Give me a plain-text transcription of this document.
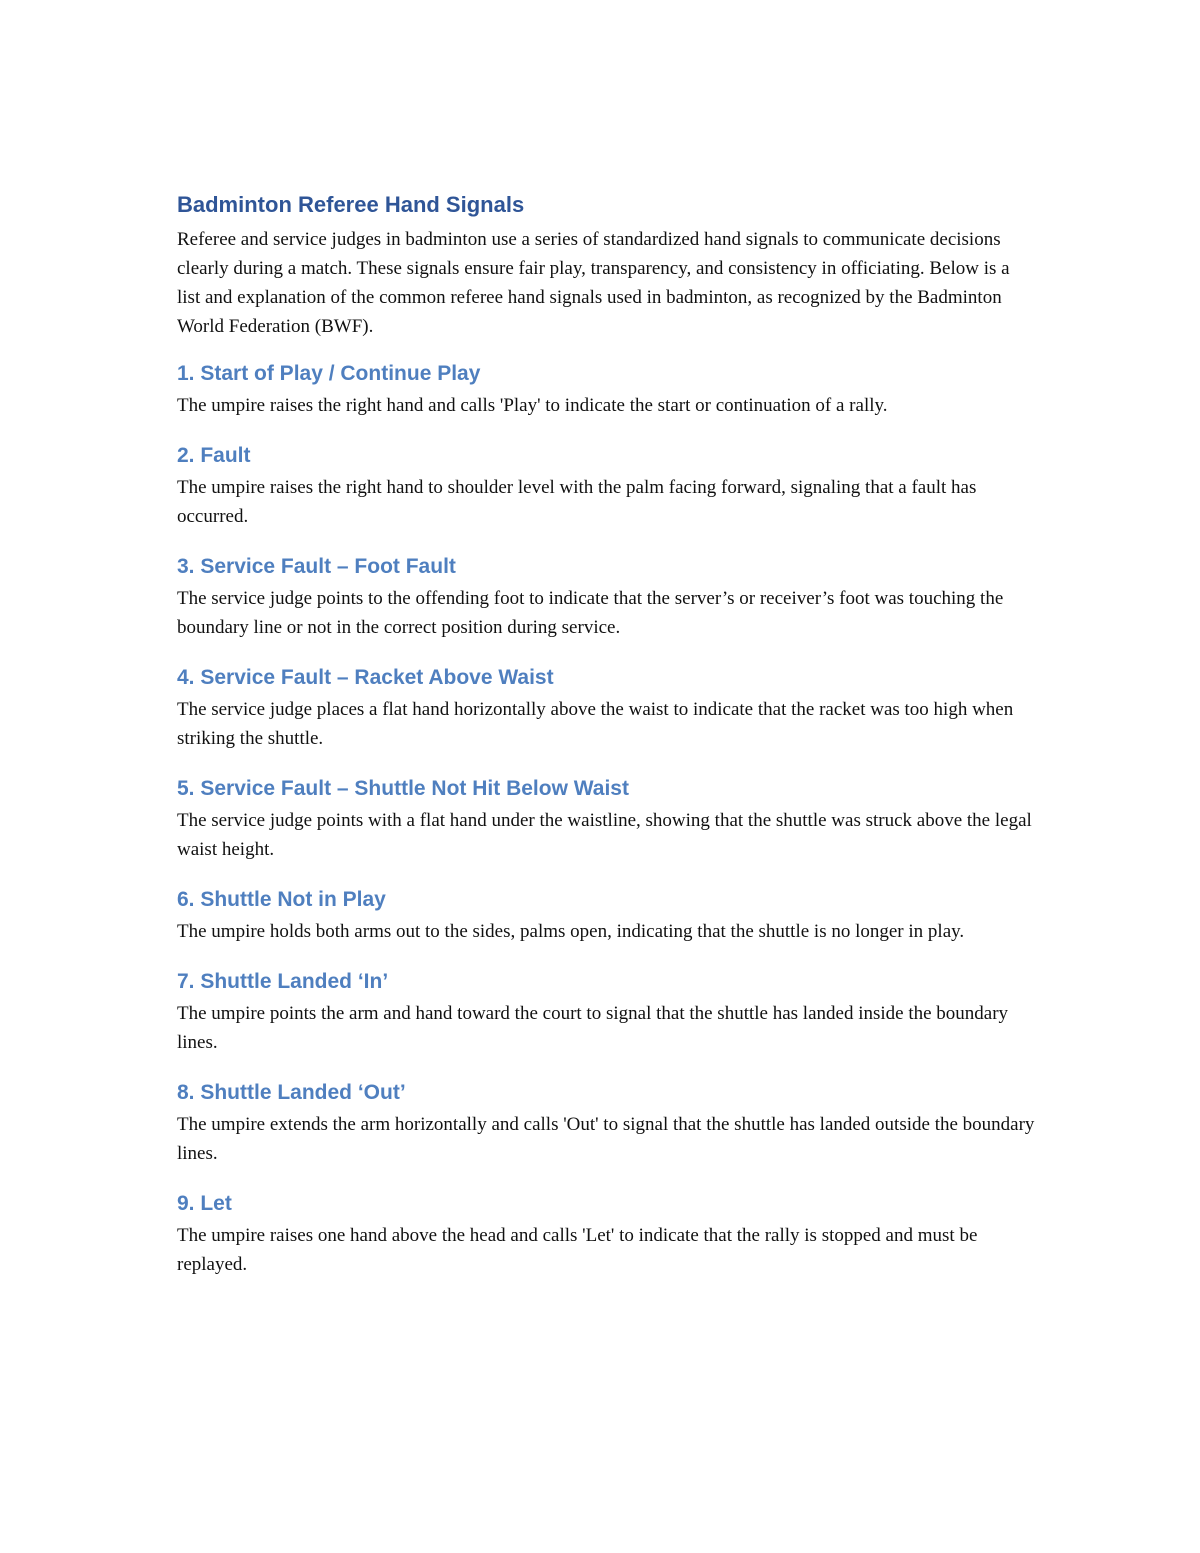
Badminton Referee Hand Signals

Referee and service judges in badminton use a series of standardized hand signals to communicate decisions clearly during a match. These signals ensure fair play, transparency, and consistency in officiating. Below is a list and explanation of the common referee hand signals used in badminton, as recognized by the Badminton World Federation (BWF).

1. Start of Play / Continue Play

The umpire raises the right hand and calls 'Play' to indicate the start or continuation of a rally.

2. Fault

The umpire raises the right hand to shoulder level with the palm facing forward, signaling that a fault has occurred.

3. Service Fault – Foot Fault

The service judge points to the offending foot to indicate that the server’s or receiver’s foot was touching the boundary line or not in the correct position during service.

4. Service Fault – Racket Above Waist

The service judge places a flat hand horizontally above the waist to indicate that the racket was too high when striking the shuttle.

5. Service Fault – Shuttle Not Hit Below Waist

The service judge points with a flat hand under the waistline, showing that the shuttle was struck above the legal waist height.

6. Shuttle Not in Play

The umpire holds both arms out to the sides, palms open, indicating that the shuttle is no longer in play.

7. Shuttle Landed ‘In’

The umpire points the arm and hand toward the court to signal that the shuttle has landed inside the boundary lines.

8. Shuttle Landed ‘Out’

The umpire extends the arm horizontally and calls 'Out' to signal that the shuttle has landed outside the boundary lines.

9. Let

The umpire raises one hand above the head and calls 'Let' to indicate that the rally is stopped and must be replayed.
